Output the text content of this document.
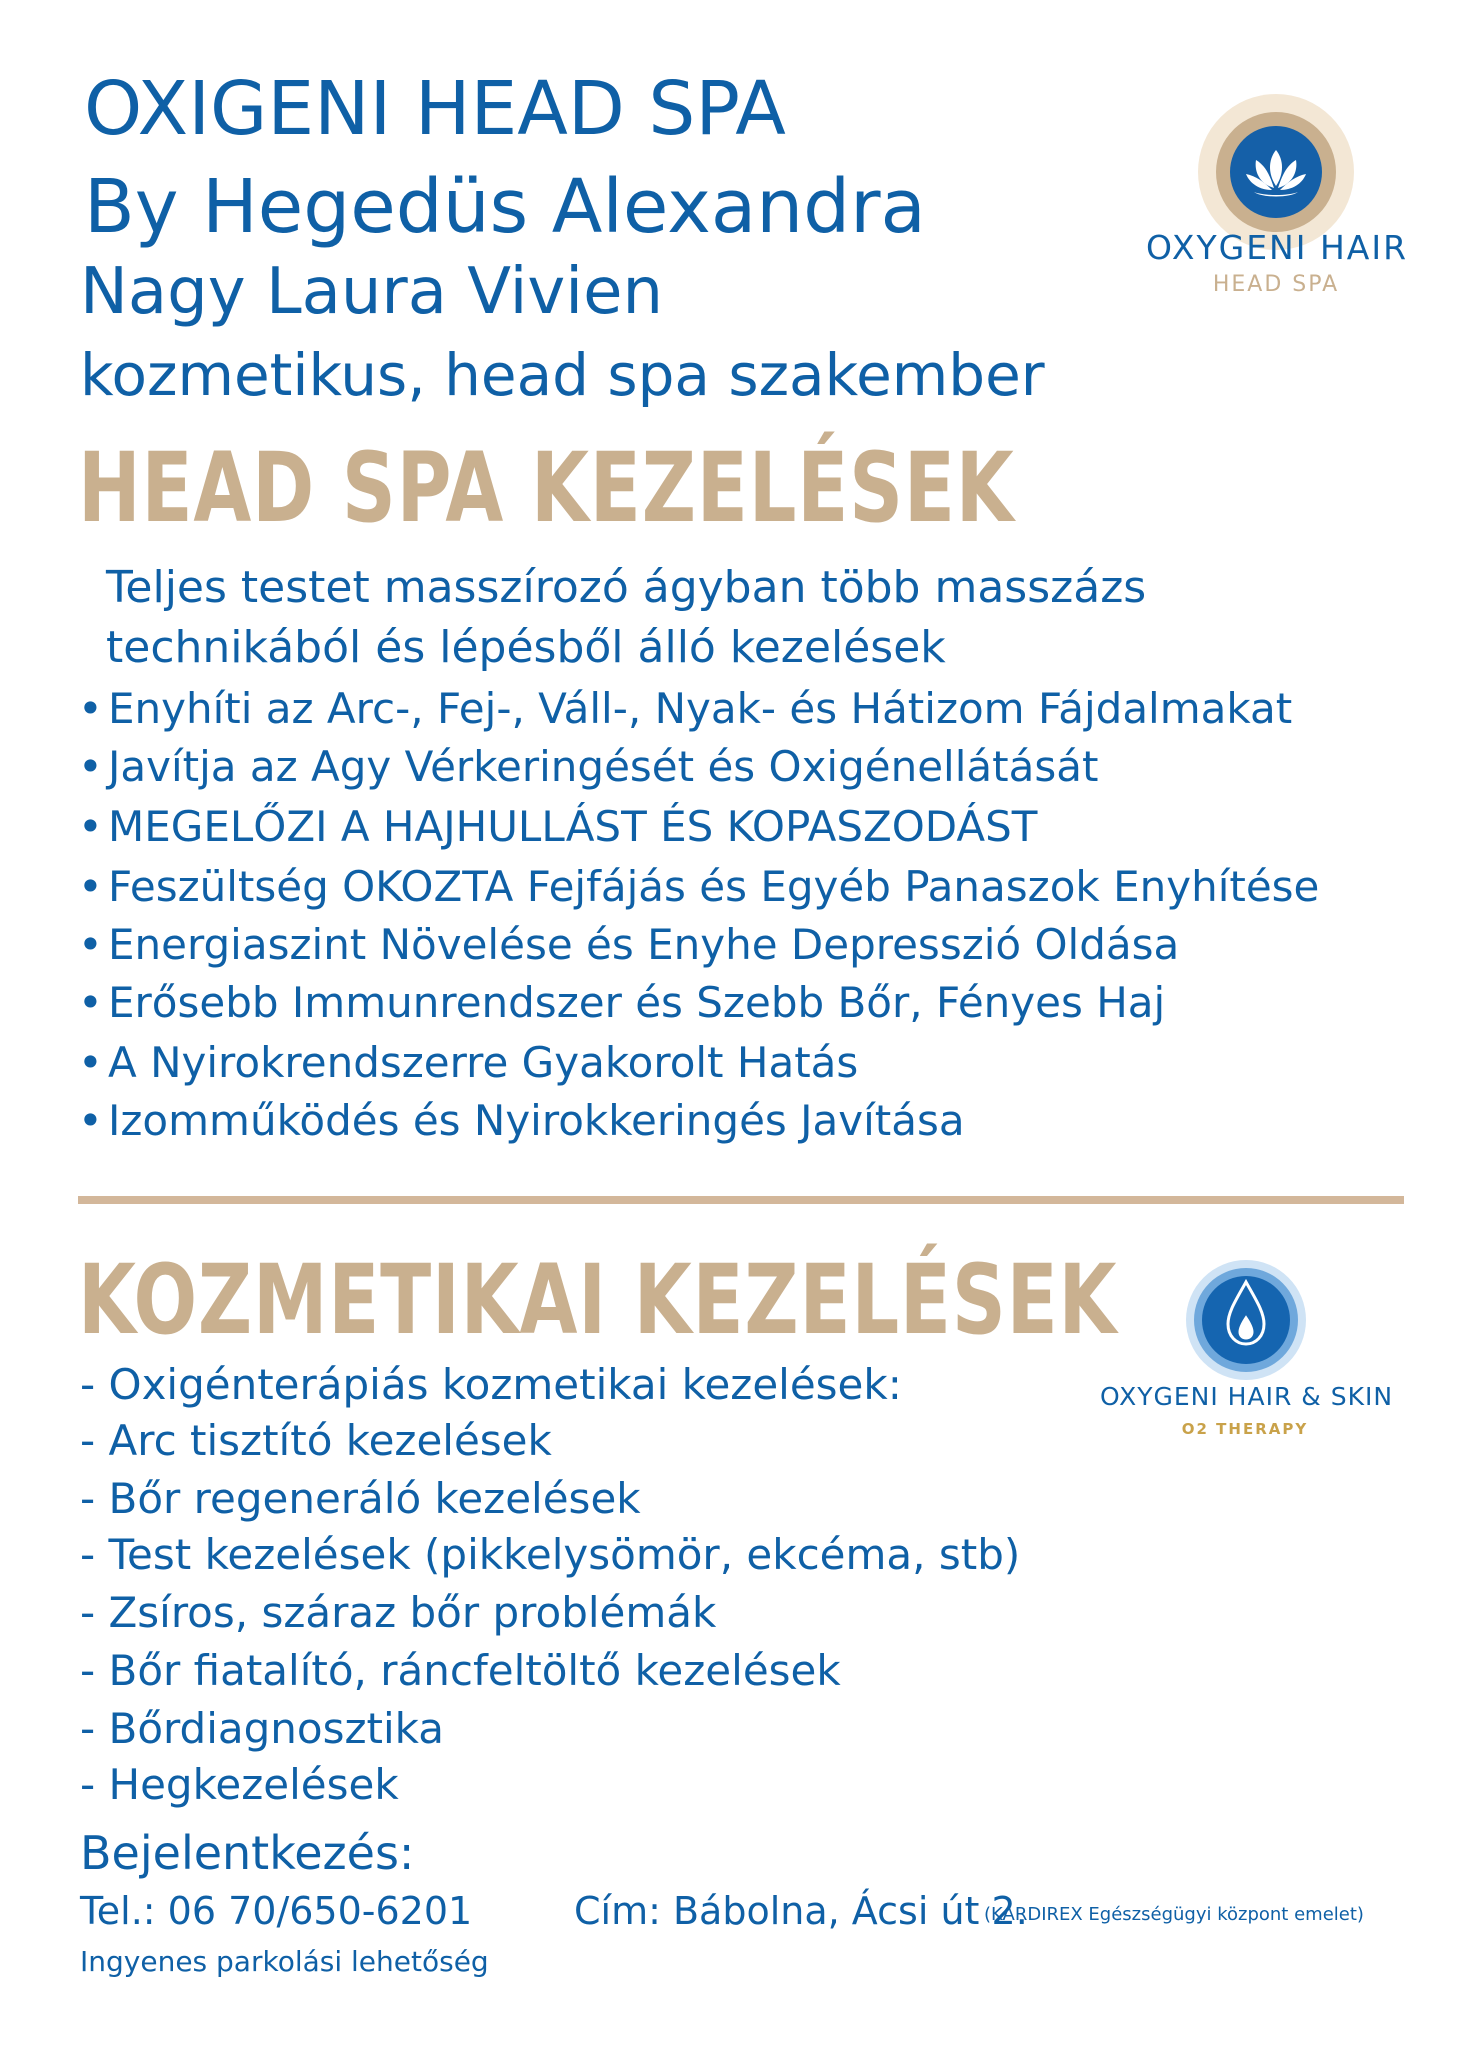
OXIGENI HEAD SPA
By Hegedüs Alexandra
Nagy Laura Vivien
kozmetikus, head spa szakember
OXYGENI HAIR
HEAD SPA
HEAD SPA KEZELÉSEK
Teljes testet masszírozó ágyban több masszázs
technikából és lépésből álló kezelések
• Enyhíti az Arc-, Fej-, Váll-, Nyak- és Hátizom Fájdalmakat
• Javítja az Agy Vérkeringését és Oxigénellátását
• MEGELŐZI A HAJHULLÁST ÉS KOPASZODÁST
• Feszültség OKOZTA Fejfájás és Egyéb Panaszok Enyhítése
• Energiaszint Növelése és Enyhe Depresszió Oldása
• Erősebb Immunrendszer és Szebb Bőr, Fényes Haj
• A Nyirokrendszerre Gyakorolt Hatás
• Izomműködés és Nyirokkeringés Javítása
KOZMETIKAI KEZELÉSEK
- Oxigénterápiás kozmetikai kezelések:
- Arc tisztító kezelések
- Bőr regeneráló kezelések
- Test kezelések (pikkelysömör, ekcéma, stb)
- Zsíros, száraz bőr problémák
- Bőr fiatalító, ráncfeltöltő kezelések
- Bőrdiagnosztika
- Hegkezelések
OXYGENI HAIR & SKIN
O2 THERAPY
Bejelentkezés:
Tel.: 06 70/650-6201	Cím: Bábolna, Ácsi út 2.
(KARDIREX Egészségügyi központ emelet)
Ingyenes parkolási lehetőség
